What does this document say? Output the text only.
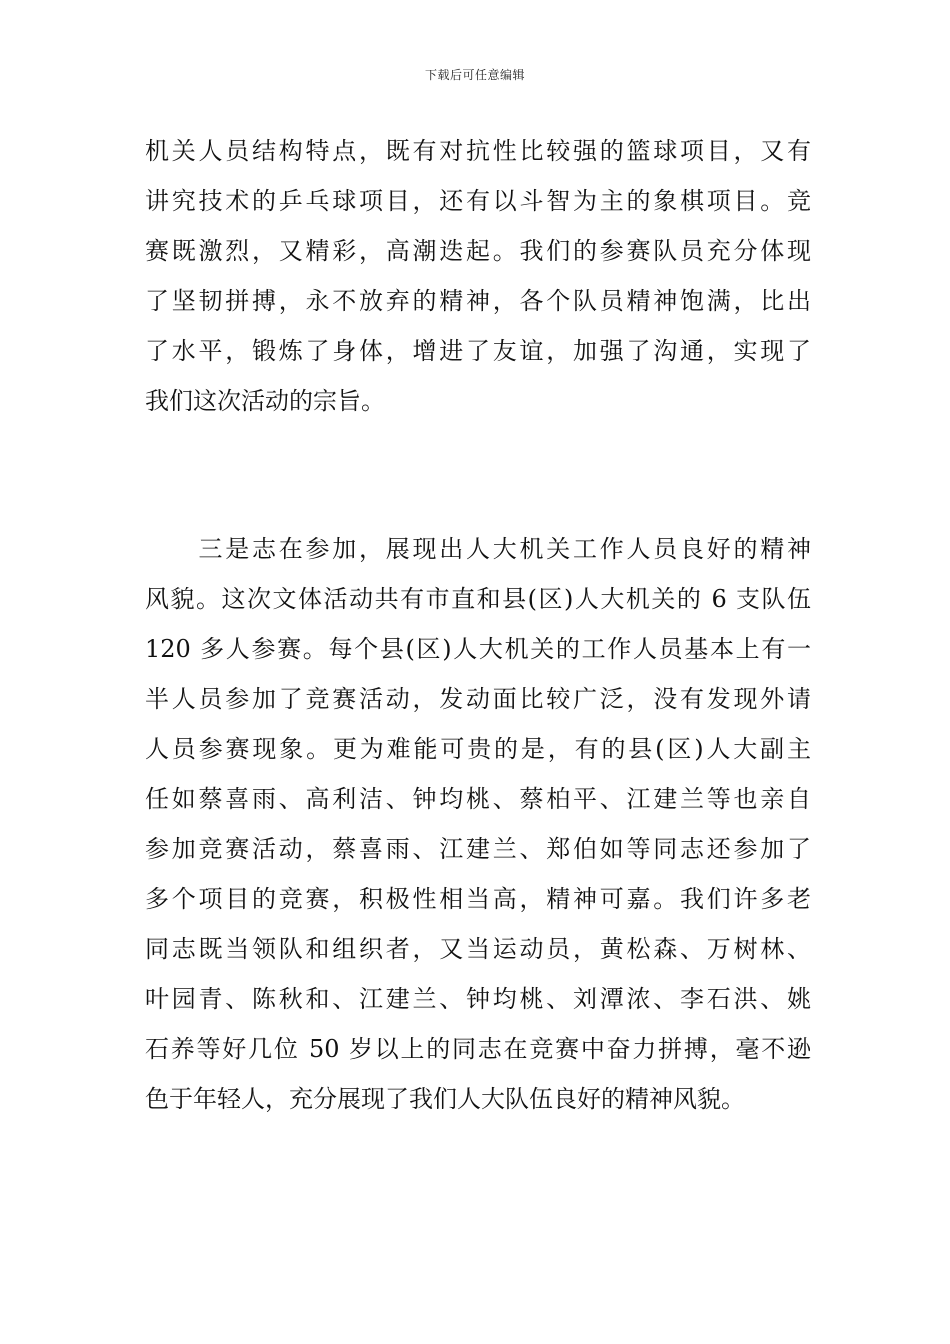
下载后可任意编辑
机关人员结构特点，既有对抗性比较强的篮球项目，又有
讲究技术的乒乓球项目，还有以斗智为主的象棋项目。竞
赛既激烈，又精彩，高潮迭起。我们的参赛队员充分体现
了坚韧拼搏，永不放弃的精神，各个队员精神饱满，比出
了水平，锻炼了身体，增进了友谊，加强了沟通，实现了
我们这次活动的宗旨。
　　三是志在参加，展现出人大机关工作人员良好的精神
风貌。这次文体活动共有市直和县(区)人大机关的 6 支队伍
120 多人参赛。每个县(区)人大机关的工作人员基本上有一
半人员参加了竞赛活动，发动面比较广泛，没有发现外请
人员参赛现象。更为难能可贵的是，有的县(区)人大副主
任如蔡喜雨、高利洁、钟均桃、蔡柏平、江建兰等也亲自
参加竞赛活动，蔡喜雨、江建兰、郑伯如等同志还参加了
多个项目的竞赛，积极性相当高，精神可嘉。我们许多老
同志既当领队和组织者，又当运动员，黄松森、万树林、
叶园青、陈秋和、江建兰、钟均桃、刘潭浓、李石洪、姚
石养等好几位 50 岁以上的同志在竞赛中奋力拼搏，毫不逊
色于年轻人，充分展现了我们人大队伍良好的精神风貌。
